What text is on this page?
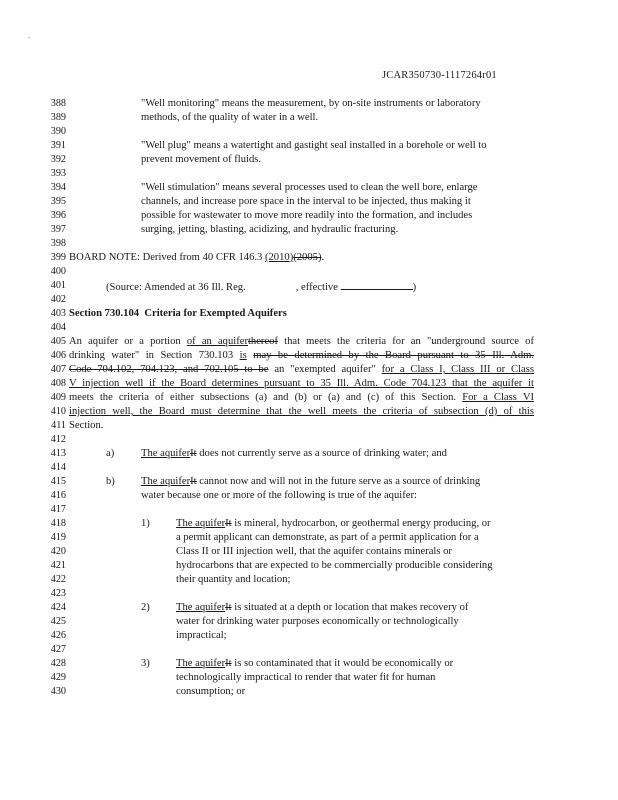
.
JCAR350730-1117264r01
388
389
390
391
392
393
394
395
396
397
398
399
400
401
402
403
404
405
406
407
408
409
410
411
412
413
414
415
416
417
418
419
420
421
422
423
424
425
426
427
428
429
430
"Well monitoring" means the measurement, by on-site instruments or laboratory
methods, of the quality of water in a well.
"Well plug" means a watertight and gastight seal installed in a borehole or well to
prevent movement of fluids.
"Well stimulation" means several processes used to clean the well bore, enlarge
channels, and increase pore space in the interval to be injected, thus making it
possible for wastewater to move more readily into the formation, and includes
surging, jetting, blasting, acidizing, and hydraulic fracturing.
BOARD NOTE: Derived from 40 CFR 146.3 (2010)(2005).
(Source: Amended at 36 Ill. Reg.	, effective	)
Section 730.104 Criteria for Exempted Aquifers
An aquifer or a portion of an aquiferthereof that meets the criteria for an "underground source of
drinking water" in Section 730.103 is may be determined by the Board pursuant to 35 Ill. Adm.
Code 704.102, 704.123, and 702.105 to be an "exempted aquifer" for a Class I, Class III or Class
V injection well if the Board determines pursuant to 35 Ill. Adm. Code 704.123 that the aquifer it
meets the criteria of either subsections (a) and (b) or (a) and (c) of this Section. For a Class VI
injection well, the Board must determine that the well meets the criteria of subsection (d) of this
Section.
a)	The aquiferIt does not currently serve as a source of drinking water; and
b) The aquiferIt cannot now and will not in the future serve as a source of drinking
water because one or more of the following is true of the aquifer:
1) The aquiferIt is mineral, hydrocarbon, or geothermal energy producing, or
a permit applicant can demonstrate, as part of a permit application for a
Class II or III injection well, that the aquifer contains minerals or
hydrocarbons that are expected to be commercially producible considering
their quantity and location;
2) The aquiferIt is situated at a depth or location that makes recovery of
water for drinking water purposes economically or technologically
impractical;
3) The aquiferIt is so contaminated that it would be economically or
technologically impractical to render that water fit for human
consumption; or
